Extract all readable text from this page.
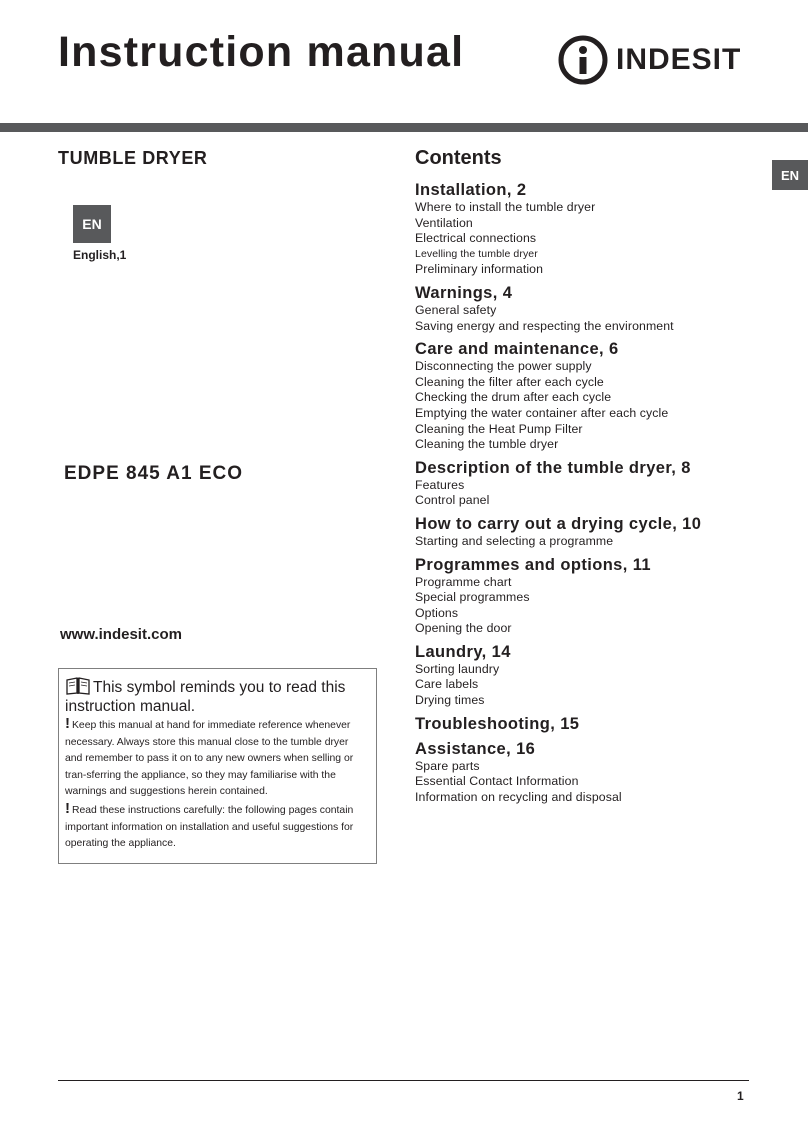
Instruction manual	INDESIT
EN
TUMBLE DRYER
EN
English,1
EDPE 845 A1 ECO
www.indesit.com
This symbol reminds you to read this instruction manual.

! Keep this manual at hand for immediate reference whenever necessary. Always store this manual close to the tumble dryer and remember to pass it on to any new owners when selling or tran-sferring the appliance, so they may familiarise with the warnings and suggestions herein contained.

! Read these instructions carefully: the following pages contain important information on installation and useful suggestions for operating the appliance.

Contents
Installation, 2
Where to install the tumble dryer
Ventilation
Electrical connections
Levelling the tumble dryer
Preliminary information
Warnings, 4
General safety
Saving energy and respecting the environment
Care and maintenance, 6
Disconnecting the power supply
Cleaning the filter after each cycle
Checking the drum after each cycle
Emptying the water container after each cycle
Cleaning the Heat Pump Filter
Cleaning the tumble dryer
Description of the tumble dryer, 8
Features
Control panel
How to carry out a drying cycle, 10
Starting and selecting a programme
Programmes and options, 11
Programme chart
Special programmes
Options
Opening the door
Laundry, 14
Sorting laundry
Care labels
Drying times
Troubleshooting, 15
Assistance, 16
Spare parts
Essential Contact Information
Information on recycling and disposal
1
